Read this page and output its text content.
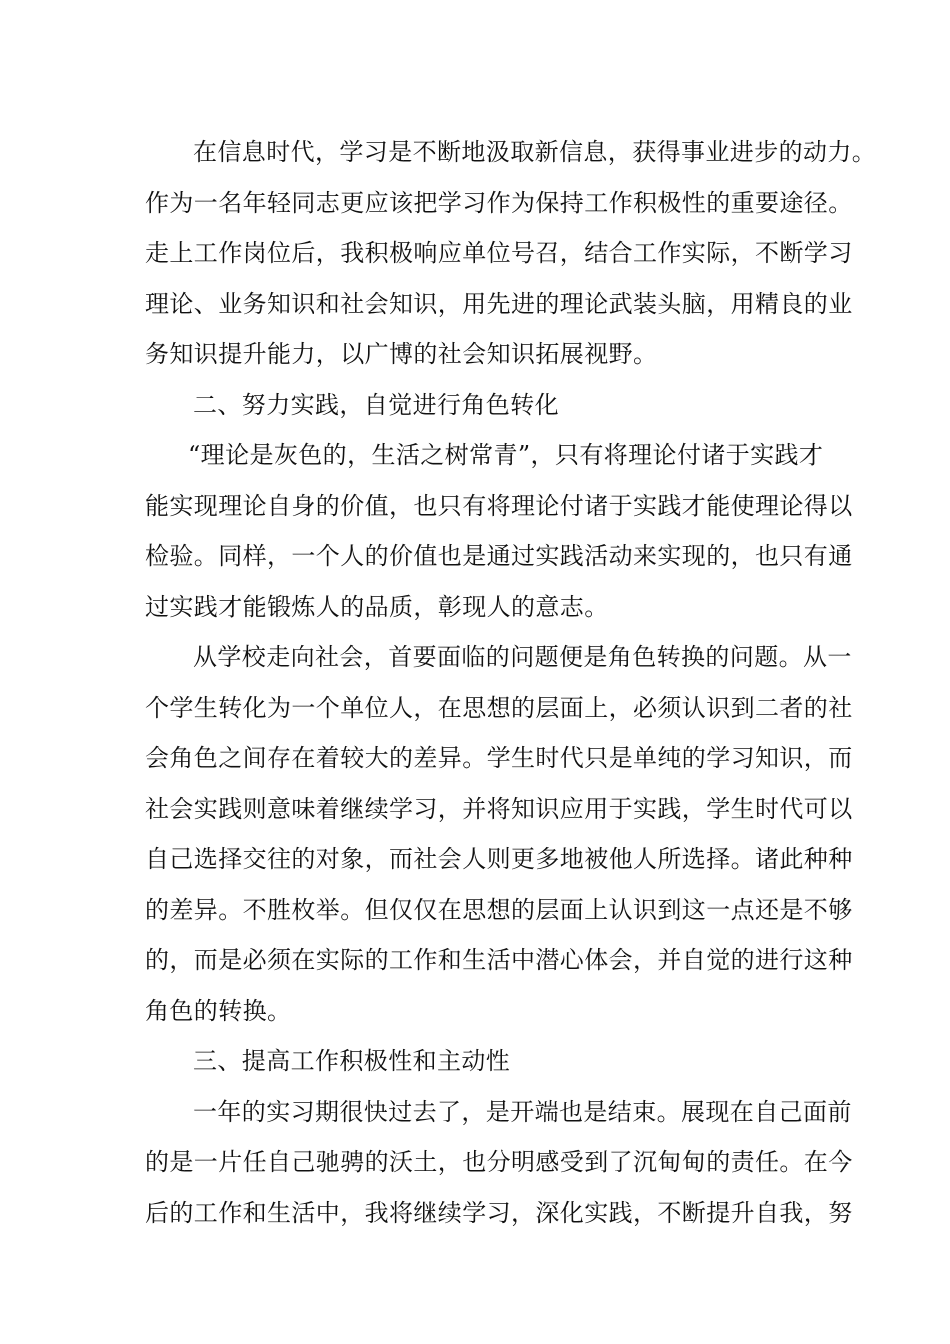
在信息时代，学习是不断地汲取新信息，获得事业进步的动力。
作为一名年轻同志更应该把学习作为保持工作积极性的重要途径。
走上工作岗位后，我积极响应单位号召，结合工作实际，不断学习
理论、业务知识和社会知识，用先进的理论武装头脑，用精良的业
务知识提升能力，以广博的社会知识拓展视野。
二、努力实践，自觉进行角色转化
“理论是灰色的，生活之树常青”，只有将理论付诸于实践才
能实现理论自身的价值，也只有将理论付诸于实践才能使理论得以
检验。同样，一个人的价值也是通过实践活动来实现的，也只有通
过实践才能锻炼人的品质，彰现人的意志。
从学校走向社会，首要面临的问题便是角色转换的问题。从一
个学生转化为一个单位人，在思想的层面上，必须认识到二者的社
会角色之间存在着较大的差异。学生时代只是单纯的学习知识，而
社会实践则意味着继续学习，并将知识应用于实践，学生时代可以
自己选择交往的对象，而社会人则更多地被他人所选择。诸此种种
的差异。不胜枚举。但仅仅在思想的层面上认识到这一点还是不够
的，而是必须在实际的工作和生活中潜心体会，并自觉的进行这种
角色的转换。
三、提高工作积极性和主动性
一年的实习期很快过去了，是开端也是结束。展现在自己面前
的是一片任自己驰骋的沃土，也分明感受到了沉甸甸的责任。在今
后的工作和生活中，我将继续学习，深化实践，不断提升自我，努
